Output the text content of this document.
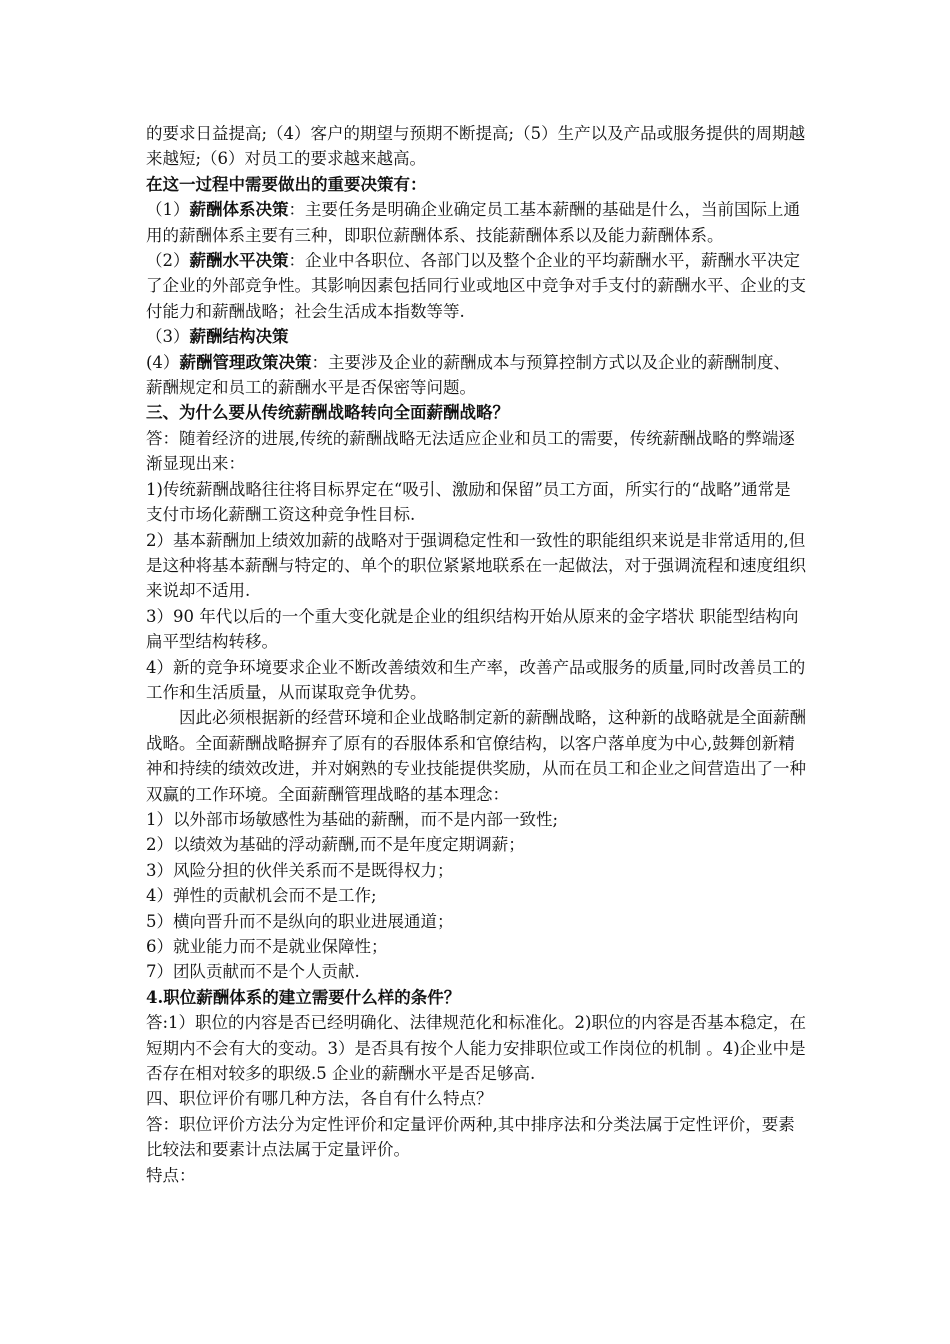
的要求日益提高;（4）客户的期望与预期不断提高;（5）生产以及产品或服务提供的周期越来越短;（6）对员工的要求越来越高。

在这一过程中需要做出的重要决策有：

（1）薪酬体系决策：主要任务是明确企业确定员工基本薪酬的基础是什么，当前国际上通用的薪酬体系主要有三种，即职位薪酬体系、技能薪酬体系以及能力薪酬体系。

（2）薪酬水平决策：企业中各职位、各部门以及整个企业的平均薪酬水平，薪酬水平决定了企业的外部竞争性。其影响因素包括同行业或地区中竞争对手支付的薪酬水平、企业的支付能力和薪酬战略；社会生活成本指数等等.

（3）薪酬结构决策

(4）薪酬管理政策决策：主要涉及企业的薪酬成本与预算控制方式以及企业的薪酬制度、薪酬规定和员工的薪酬水平是否保密等问题。

三、为什么要从传统薪酬战略转向全面薪酬战略？

答：随着经济的进展,传统的薪酬战略无法适应企业和员工的需要，传统薪酬战略的弊端逐渐显现出来：

1)传统薪酬战略往往将目标界定在“吸引、激励和保留”员工方面，所实行的“战略”通常是支付市场化薪酬工资这种竞争性目标.

2）基本薪酬加上绩效加薪的战略对于强调稳定性和一致性的职能组织来说是非常适用的,但是这种将基本薪酬与特定的、单个的职位紧紧地联系在一起做法，对于强调流程和速度组织来说却不适用.

3）90 年代以后的一个重大变化就是企业的组织结构开始从原来的金字塔状 职能型结构向扁平型结构转移。

4）新的竞争环境要求企业不断改善绩效和生产率，改善产品或服务的质量,同时改善员工的工作和生活质量，从而谋取竞争优势。

因此必须根据新的经营环境和企业战略制定新的薪酬战略，这种新的战略就是全面薪酬战略。全面薪酬战略摒弃了原有的吞服体系和官僚结构，以客户落单度为中心,鼓舞创新精神和持续的绩效改进，并对娴熟的专业技能提供奖励，从而在员工和企业之间营造出了一种双赢的工作环境。全面薪酬管理战略的基本理念：

1）以外部市场敏感性为基础的薪酬，而不是内部一致性;

2）以绩效为基础的浮动薪酬,而不是年度定期调薪；

3）风险分担的伙伴关系而不是既得权力；

4）弹性的贡献机会而不是工作;

5）横向晋升而不是纵向的职业进展通道；

6）就业能力而不是就业保障性；

7）团队贡献而不是个人贡献.

4.职位薪酬体系的建立需要什么样的条件？

答:1）职位的内容是否已经明确化、法律规范化和标准化。2)职位的内容是否基本稳定，在短期内不会有大的变动。3）是否具有按个人能力安排职位或工作岗位的机制 。4)企业中是否存在相对较多的职级.5 企业的薪酬水平是否足够高.

四、职位评价有哪几种方法，各自有什么特点？

答：职位评价方法分为定性评价和定量评价两种,其中排序法和分类法属于定性评价，要素比较法和要素计点法属于定量评价。

特点：
